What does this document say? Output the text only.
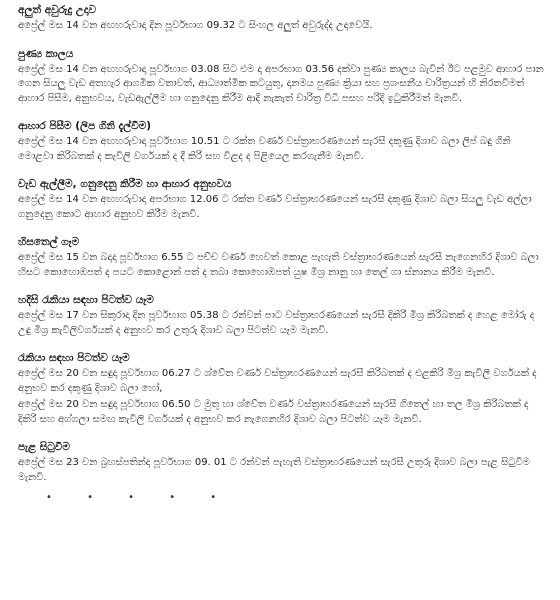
අලුත් අවුරුදු උදාව

අප්‍රේල් මස 14 වන අඟහරුවාදා දින පූර්වභාග 09.32 ට සිංහල අලුත් අවුරුද්ද උදාවෙයි.

පුණ්‍ය කාලය

අප්‍රේල් මස 14 වන අඟහරුවාදා පූර්වභාග 03.08 සිට එම දා අපරභාග 03.56 දක්වා පුණ්‍ය කාලය බැවින් ඊට පළමුව ආහාර පාන ගෙන සියලු වැඩ අතහැර ආගමික වතාවත්, ආධ්‍යාත්මික කටයුතු, දානමය පුණ්‍ය ක්‍රියා සහ ප්‍රශංසනීය චාරිත්‍රයන් හි නිරතවීමත් ආහාර පිසීම, අනුභවය, වැඩඇල්ලීම හා ගනුදෙනු කිරීම ආදි නැකැත් චාරිත්‍ර විධි පසහ පරිදි ඉටුකිරීමත් මැනවි.

ආහාර පිසීම (ලිප ගිනි දැල්වීම)

අප්‍රේල් මස 14 වන අඟහරුවාදා පූර්වභාග 10.51 ට රක්ත වර්ණ වස්ත්‍රාභරණයෙන් සැරසී දකුණු දිශාව බලා ලිප් බඳු ගිනි මොළවා කිරිබතක් ද කැවිලි වර්ගයක් ද දී කිරි සහ විළද ද පිළියෙල කරගැනීම මැනවි.

වැඩ ඇල්ලීම, ගනුදෙනු කිරීම හා ආහාර අනුභවය

අප්‍රේල් මස 14 වන අඟහරුවාදා අපරභාග 12.06 ට රක්ත වර්ණ වස්ත්‍රාභරණයෙන් සැරසී දකුණු දිශාව බලා සියලු වැඩ අල්ලා ගනුදෙනු කොට ආහාර අනුභව කිරීම මැනවි.

හිසතෙල් ගෑම

අප්‍රේල් මස 15 වන බදාදා පූර්වභාග 6.55 ට පච්ච වර්ණ හෙවත් කොළ පැහැති වස්ත්‍රාභරණයෙන් සැරසී නැගෙනහිර දිශාව බලා හිසට කොහොඹපත් ද පයට කොළොන් පත් ද තබා කොහොඹපත් යුෂ මිශ්‍ර නානු හා තෙල් ගා ස්නානය කිරීම මැනවි.

හදිසි රැකියා සඳහා පිටත්ව යෑම

අප්‍රේල් මස 17 වන සිකුරාදා දින පූර්වභාග 05.38 ට රන්වන් පාට වස්ත්‍රාභරණයෙන් සැරසී දිකිරි මිශ්‍ර කිරිබතක් ද හෙළ මෝරු ද උඳු මිශ්‍ර කැවිලිවර්ගයක් ද අනුභව කර උතුරු දිශාව බලා පිටත්ව යෑම මැනවි.

රැකියා සඳහා පිටත්ව යෑම

අප්‍රේල් මස 20 වන සඳුදා පූර්වභාග 06.27 ට ශ්වේත වර්ණ වස්ත්‍රාභරණයෙන් සැරසී කිරිබතක් ද එළකිරි මිශ්‍ර කැවිලි වර්ගයක් ද අනුභව කර දකුණු දිශාව බලා හෝ,

අප්‍රේල් මස 20 වන සඳුදා පූර්වභාග 06.50 ට මුතු හා ශ්වේත වර්ණ වස්ත්‍රාභරණයෙන් සැරසී ගිතෙල් හා තල මිශ්‍ර කිරිබතක් ද දිකිරි සහ අග්ගලා සමඟ කැවිලි වර්ගයක් ද අනුභව කර නැගෙනහිර දිශාව බලා පිටත්ව යෑම මැනවි.

පැළ සිටුවීම

අප්‍රේල් මස 23 වන බ්‍රහස්පතින්දා පූර්වභාග 09. 01 ට රන්වන් පැහැති වස්ත්‍රාභරණයෙන් සැරසී උතුරු දිශාව බලා පැළ සිටුවීම මැනවි.

• • • • •
